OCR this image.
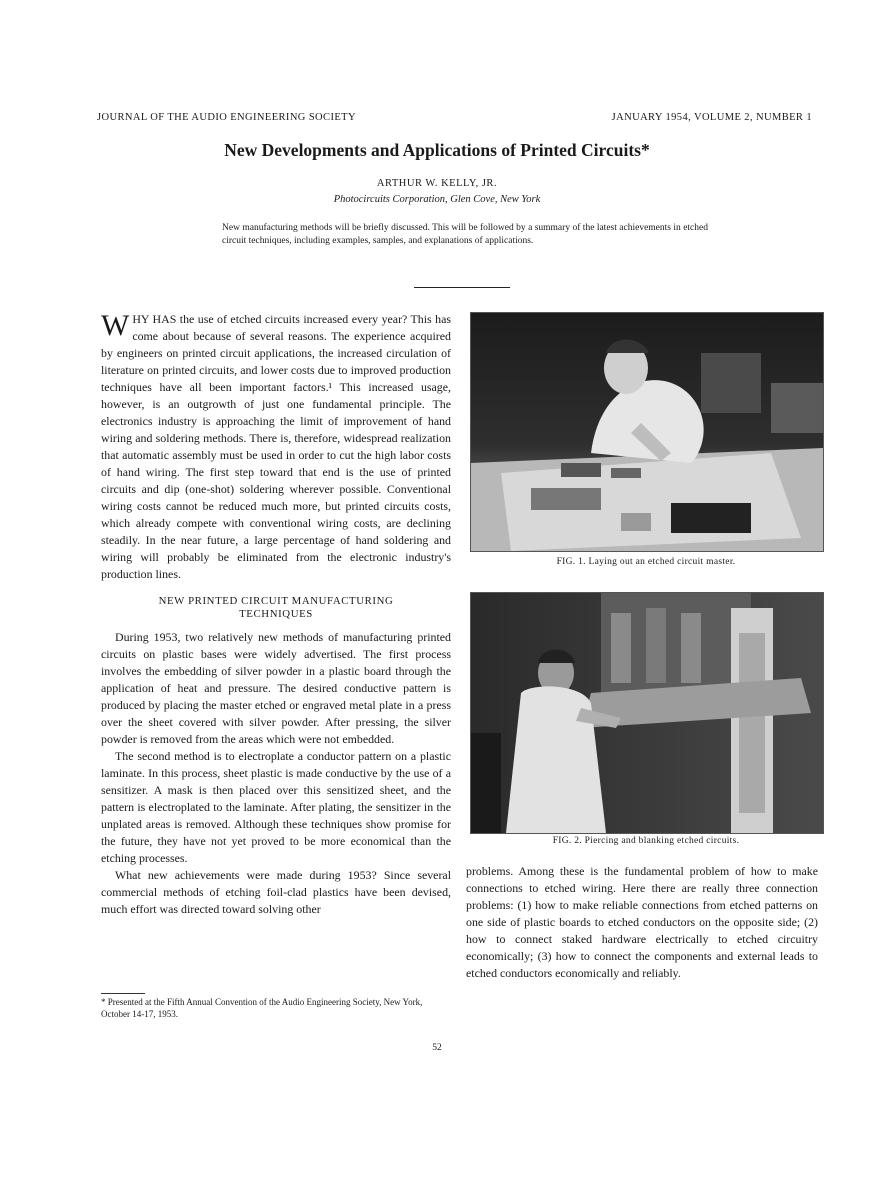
JOURNAL OF THE AUDIO ENGINEERING SOCIETY	JANUARY 1954, VOLUME 2, NUMBER 1
New Developments and Applications of Printed Circuits*
ARTHUR W. KELLY, JR.
Photocircuits Corporation, Glen Cove, New York
New manufacturing methods will be briefly discussed. This will be followed by a summary of the latest achievements in etched circuit techniques, including examples, samples, and explanations of applications.

WHY HAS the use of etched circuits increased every year? This has come about because of several reasons. The experience acquired by engineers on printed circuit applications, the increased circulation of literature on printed circuits, and lower costs due to improved production techniques have all been important factors.¹ This increased usage, however, is an outgrowth of just one fundamental principle. The electronics industry is approaching the limit of improvement of hand wiring and soldering methods. There is, therefore, widespread realization that automatic assembly must be used in order to cut the high labor costs of hand wiring. The first step toward that end is the use of printed circuits and dip (one-shot) soldering wherever possible. Conventional wiring costs cannot be reduced much more, but printed circuits costs, which already compete with conventional wiring costs, are declining steadily. In the near future, a large percentage of hand soldering and wiring will probably be eliminated from the electronic industry's production lines.

NEW PRINTED CIRCUIT MANUFACTURING TECHNIQUES

During 1953, two relatively new methods of manufacturing printed circuits on plastic bases were widely advertised. The first process involves the embedding of silver powder in a plastic board through the application of heat and pressure. The desired conductive pattern is produced by placing the master etched or engraved metal plate in a press over the sheet covered with silver powder. After pressing, the silver powder is removed from the areas which were not embedded.

The second method is to electroplate a conductor pattern on a plastic laminate. In this process, sheet plastic is made conductive by the use of a sensitizer. A mask is then placed over this sensitized sheet, and the pattern is electroplated to the laminate. After plating, the sensitizer in the unplated areas is removed. Although these techniques show promise for the future, they have not yet proved to be more economical than the etching processes.

What new achievements were made during 1953? Since several commercial methods of etching foil-clad plastics have been devised, much effort was directed toward solving other

* Presented at the Fifth Annual Convention of the Audio Engineering Society, New York, October 14-17, 1953.
FIG. 1. Laying out an etched circuit master.
FIG. 2. Piercing and blanking etched circuits.

problems. Among these is the fundamental problem of how to make connections to etched wiring. Here there are really three connection problems: (1) how to make reliable connections from etched patterns on one side of plastic boards to etched conductors on the opposite side; (2) how to connect staked hardware electrically to etched circuitry economically; (3) how to connect the components and external leads to etched conductors economically and reliably.

52
